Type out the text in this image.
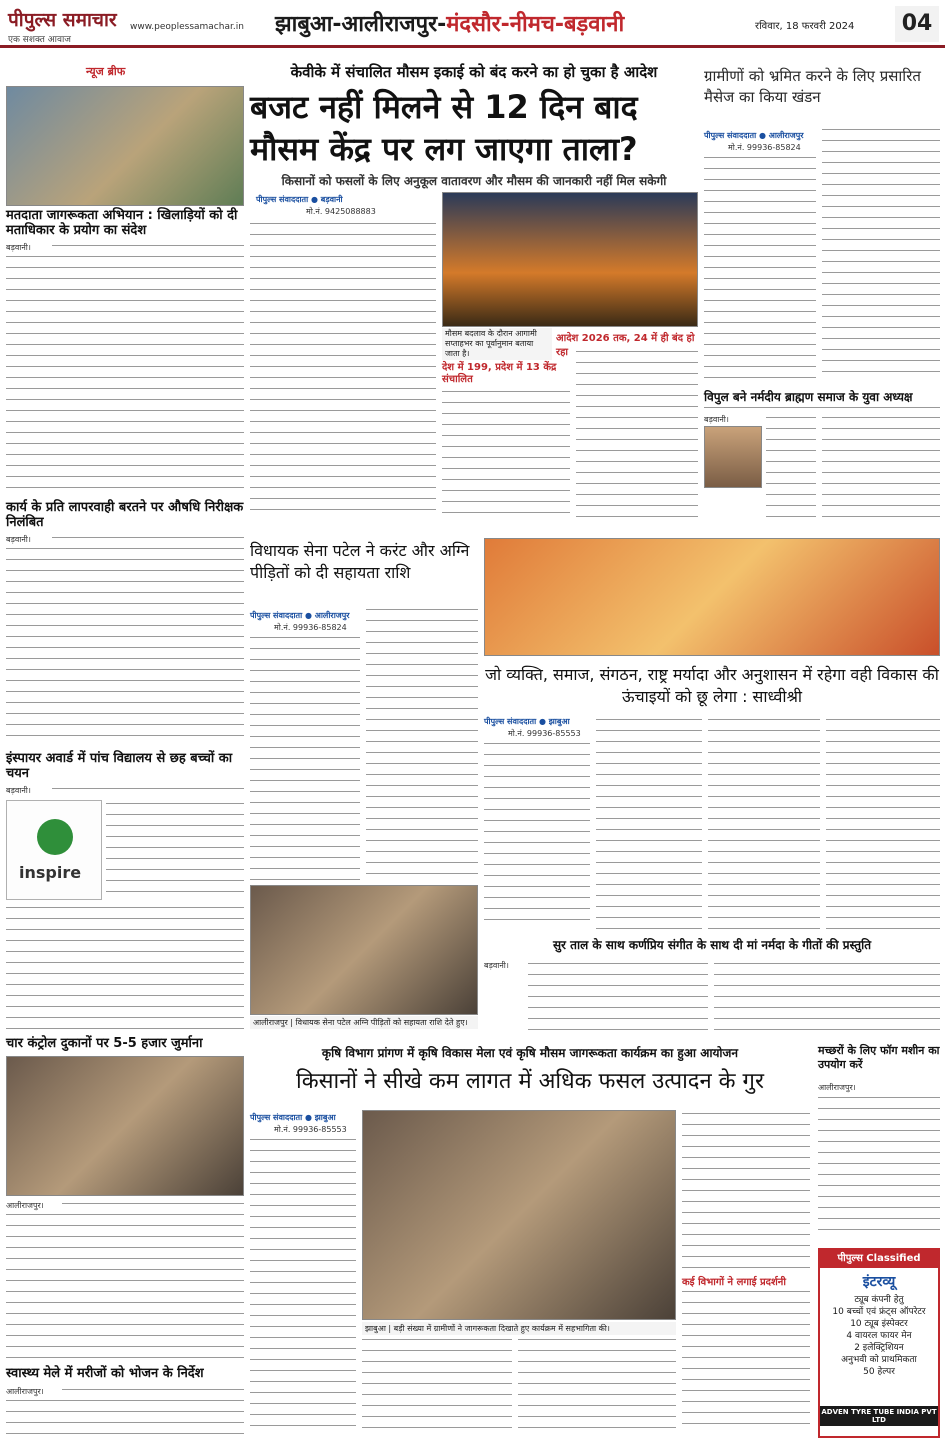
पीपुल्स समाचार
एक सशक्त आवाज
www.peoplessamachar.in झाबुआ-आलीराजपुर-मंदसौर-नीमच-बड़वानी	रविवार, 18 फरवरी 2024	04
न्यूज ब्रीफ
मतदाता जागरूकता अभियान : खिलाड़ियों को दी मताधिकार के प्रयोग का संदेश
बड़वानी।
कार्य के प्रति लापरवाही बरतने पर औषधि निरीक्षक निलंबित
बड़वानी।
इंस्पायर अवार्ड में पांच विद्यालय से छह बच्चों का चयन
बड़वानी।
inspire
चार कंट्रोल दुकानों पर 5-5 हजार जुर्माना
आलीराजपुर।
स्वास्थ्य मेले में मरीजों को भोजन के निर्देश
आलीराजपुर।
केवीके में संचालित मौसम इकाई को बंद करने का हो चुका है आदेश
बजट नहीं मिलने से 12 दिन बाद
मौसम केंद्र पर लग जाएगा ताला?
किसानों को फसलों के लिए अनुकूल वातावरण और मौसम की जानकारी नहीं मिल सकेगी
पीपुल्स संवाददाता ● बड़वानी
मो.नं. 9425088883
मौसम बदलाव के दौरान आगामी सप्ताहभर का पूर्वानुमान बताया जाता है।
आदेश 2026 तक, 24 में ही बंद हो रहा
देश में 199, प्रदेश में 13 केंद्र संचालित
ग्रामीणों को भ्रमित करने के लिए प्रसारित मैसेज का किया खंडन
पीपुल्स संवाददाता ● आलीराजपुर
मो.नं. 99936-85824
विपुल बने नर्मदीय ब्राह्मण समाज के युवा अध्यक्ष
बड़वानी।
विधायक सेना पटेल ने करंट और अग्नि पीड़ितों को दी सहायता राशि
पीपुल्स संवाददाता ● आलीराजपुर
मो.नं. 99936-85824
जो व्यक्ति, समाज, संगठन, राष्ट्र मर्यादा और अनुशासन में रहेगा वही विकास की ऊंचाइयों को छू लेगा : साध्वीश्री
पीपुल्स संवाददाता ● झाबुआ
मो.नं. 99936-85553
आलीराजपुर | विधायक सेना पटेल अग्नि पीड़ितों को सहायता राशि देते हुए।
सुर ताल के साथ कर्णप्रिय संगीत के साथ दी मां नर्मदा के गीतों की प्रस्तुति
बड़वानी।
कृषि विभाग प्रांगण में कृषि विकास मेला एवं कृषि मौसम जागरूकता कार्यक्रम का हुआ आयोजन
किसानों ने सीखे कम लागत में अधिक फसल उत्पादन के गुर
पीपुल्स संवाददाता ● झाबुआ
मो.नं. 99936-85553
झाबुआ | बड़ी संख्या में ग्रामीणों ने जागरूकता दिखाते हुए कार्यक्रम में सहभागिता की।
कई विभागों ने लगाई प्रदर्शनी
मच्छरों के लिए फॉग मशीन का उपयोग करें
आलीराजपुर।
पीपुल्स Classified
इंटरव्यू
ट्यूब कंपनी हेतु
10 बच्चों एवं फ्रंट्स ऑपरेटर
10 ट्यूब इंस्पेक्टर
4 वायरल फायर मेन
2 इलेक्ट्रिशियन
अनुभवी को प्राथमिकता
50 हेल्पर
ADVEN TYRE TUBE INDIA PVT LTD
